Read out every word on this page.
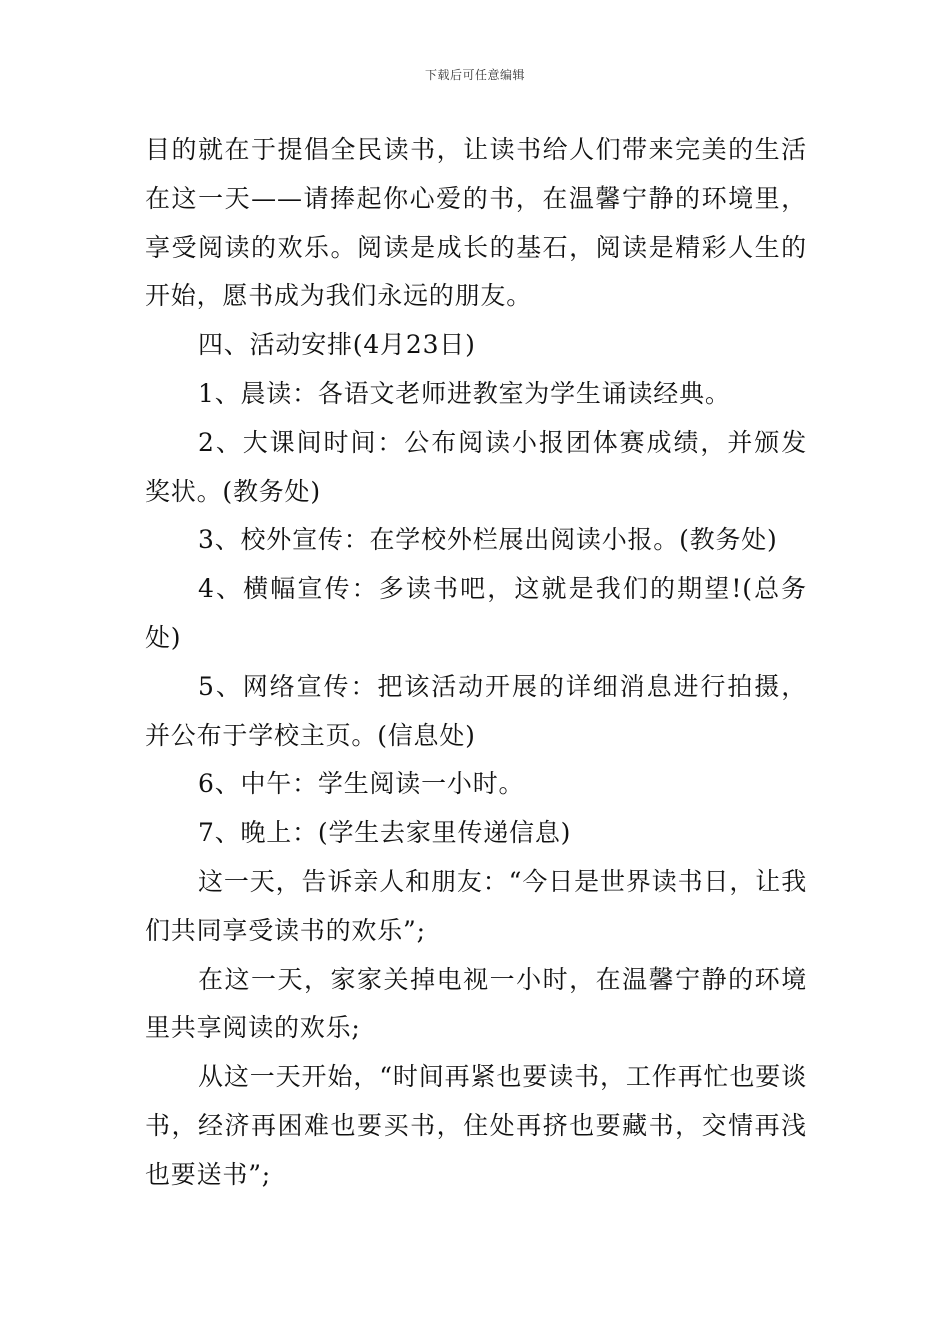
下载后可任意编辑

目的就在于提倡全民读书，让读书给人们带来完美的生活在这一天——请捧起你心爱的书，在温馨宁静的环境里，享受阅读的欢乐。阅读是成长的基石，阅读是精彩人生的开始，愿书成为我们永远的朋友。

四、活动安排(4月23日)

1、晨读：各语文老师进教室为学生诵读经典。

2、大课间时间：公布阅读小报团体赛成绩，并颁发奖状。(教务处)

3、校外宣传：在学校外栏展出阅读小报。(教务处)

4、横幅宣传：多读书吧，这就是我们的期望!(总务处)

5、网络宣传：把该活动开展的详细消息进行拍摄，并公布于学校主页。(信息处)

6、中午：学生阅读一小时。

7、晚上：(学生去家里传递信息)

这一天，告诉亲人和朋友：“今日是世界读书日，让我们共同享受读书的欢乐”;

在这一天，家家关掉电视一小时，在温馨宁静的环境里共享阅读的欢乐;

从这一天开始，“时间再紧也要读书，工作再忙也要谈书，经济再困难也要买书，住处再挤也要藏书，交情再浅也要送书”;
